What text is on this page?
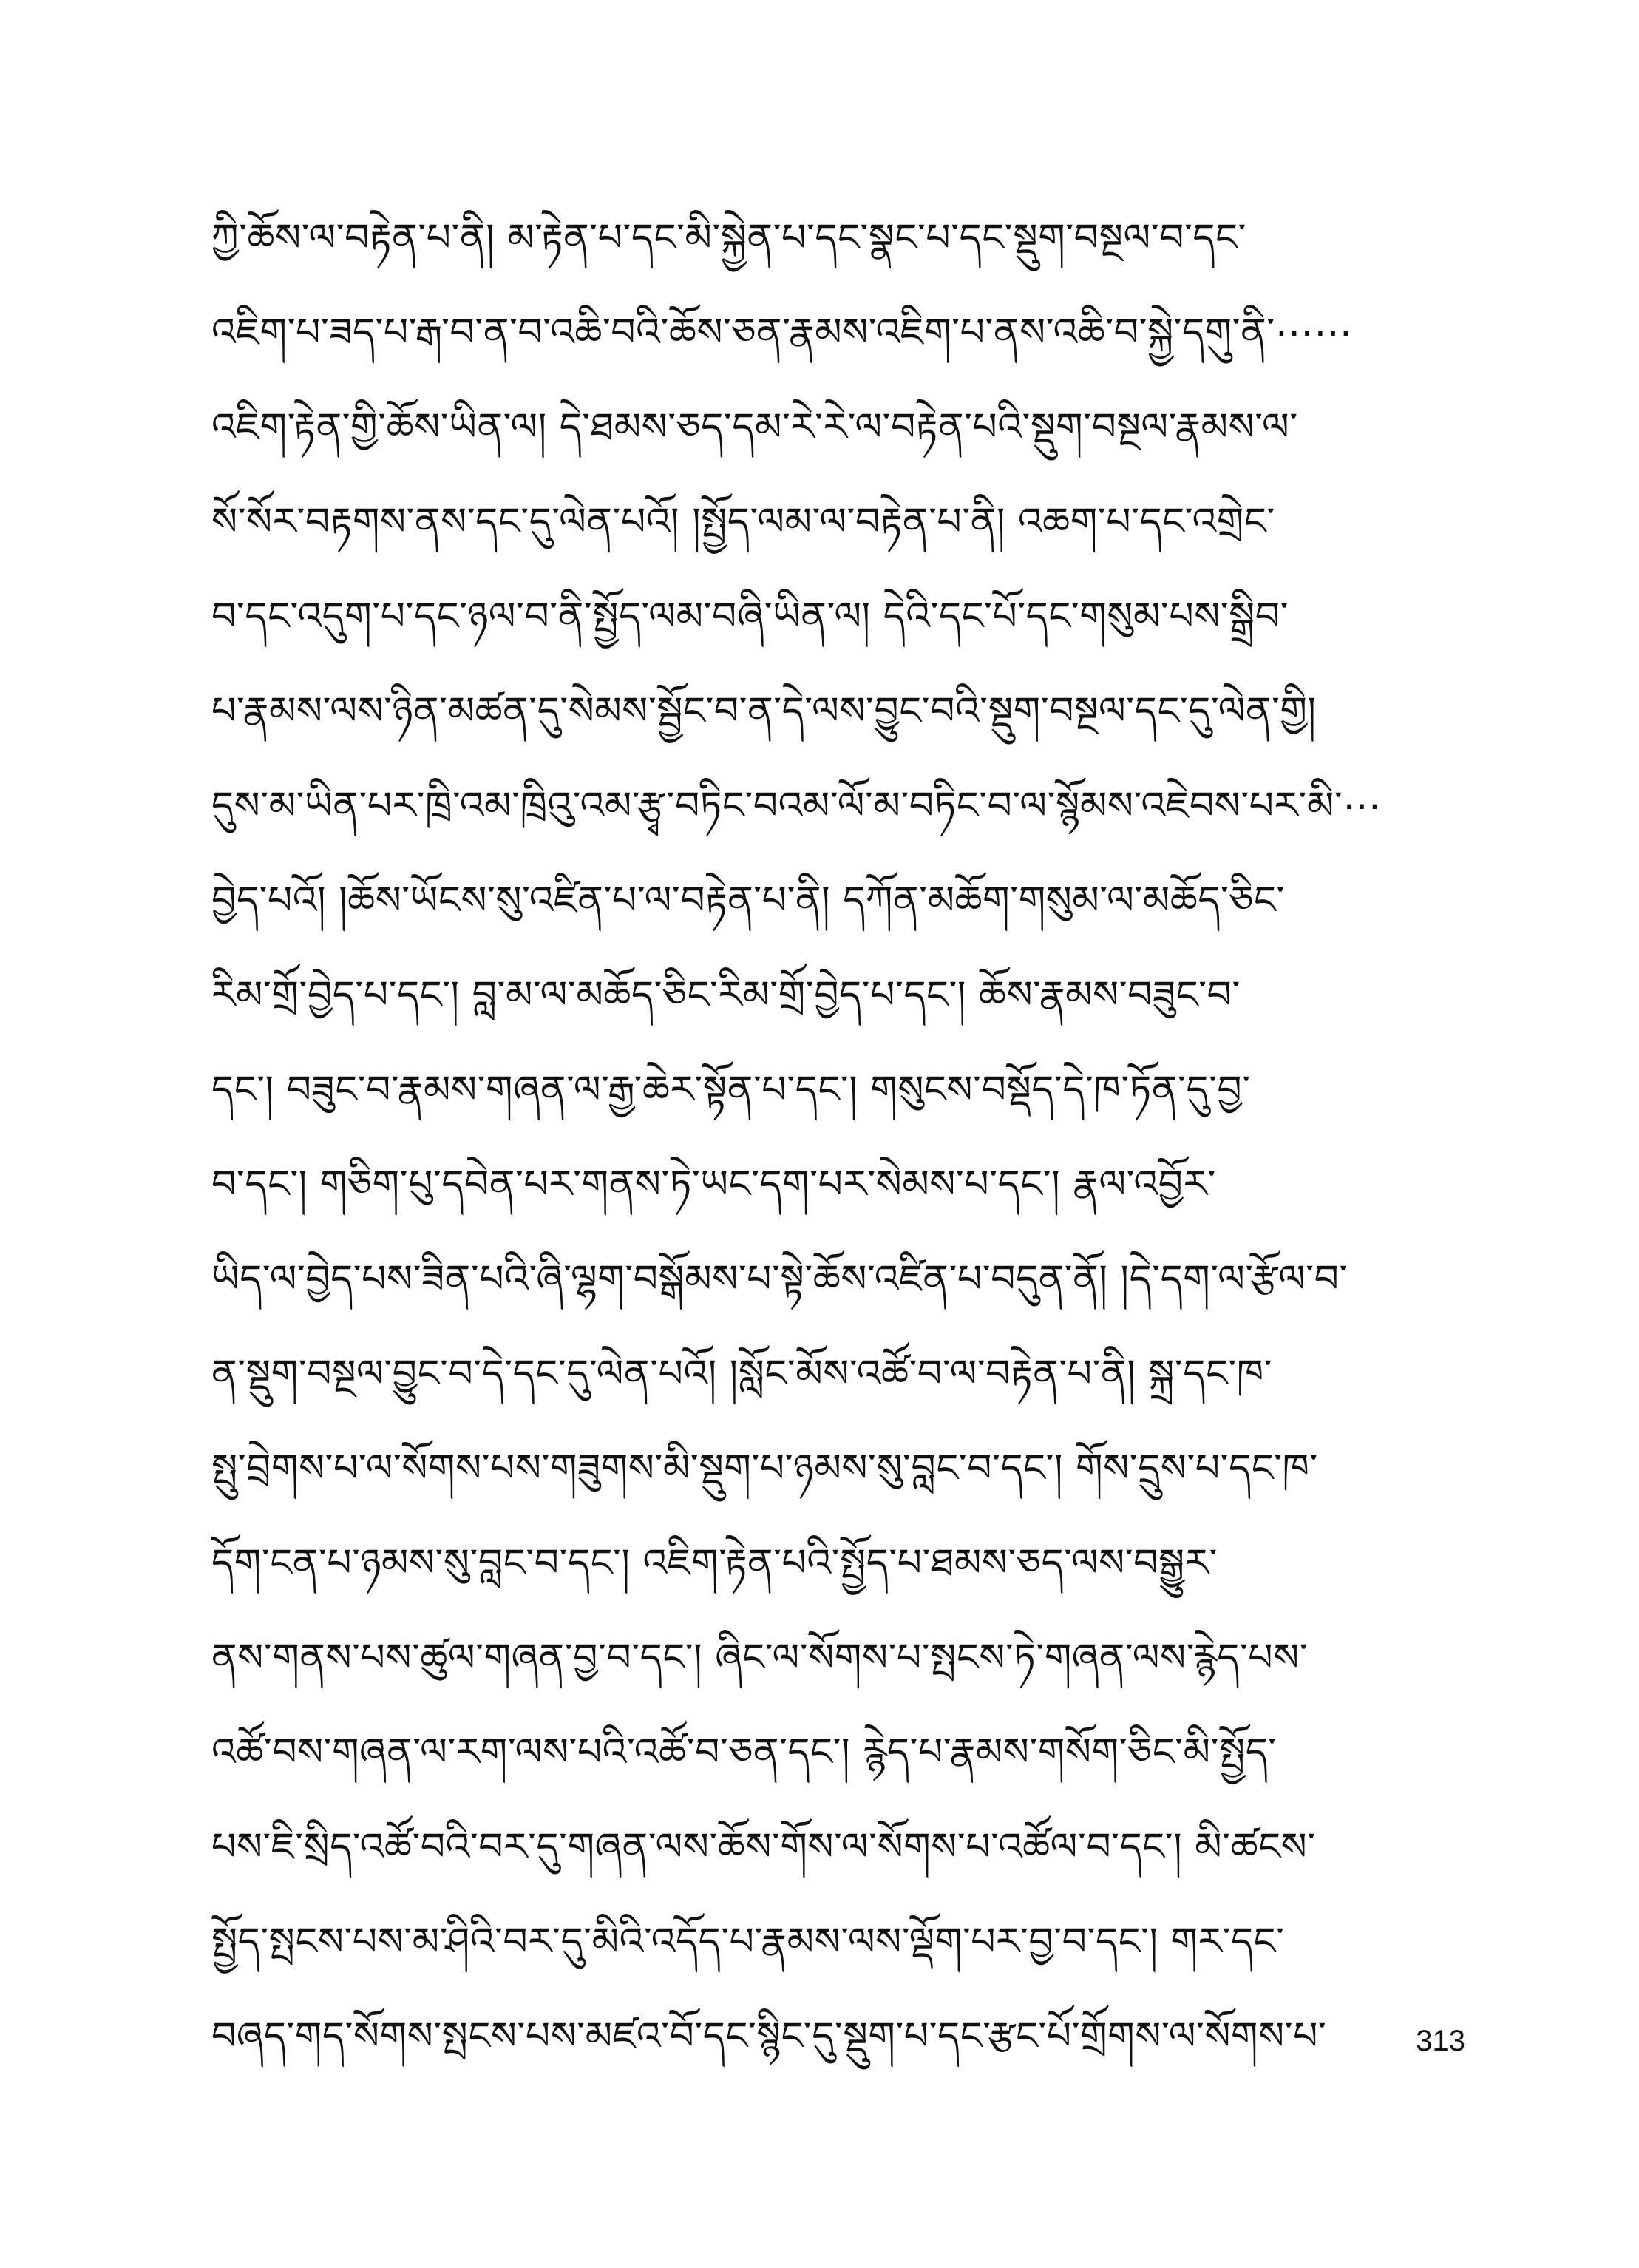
ཀྱི་ཆོས་ལ་བརྟེན་པ་ནི། མ་རྟེན་པ་དང་མི་སྐྱེན་པ་དང་སྣང་པ་དང་སྡུག་བསྔལ་བ་དང་
འཇིག་པ་ཟད་པ་རྒ་བ་ན་བ་འཆི་བའི་ཆོས་ཅན་རྣམས་འཇིག་པ་ནས་འཆི་བ་སྐྱེ་དགུ་ནི་⋯⋯
འཇིག་རྟེན་གྱི་ཆོས་ཡིན་ལ། དེ་ཐམས་ཅད་དམ་རེ་རེ་ལ་བརྟེན་པའི་སྡུག་བསྔལ་རྣམས་ལ་
སོ་སོར་བརྟགས་ནས་དང་དུ་ལེན་པའོ། །སྤྱོད་ལམ་ལ་བརྟེན་པ་ནི། འཆག་པ་དང་འགྲེང་
བ་དང་འདུག་པ་དང་ཉལ་བ་ནི་སྤྱོད་ལམ་བཞི་ཡིན་ལ། དེའི་དང་པོ་དང་གསུམ་པས་སྒྲིབ་
པ་རྣམས་ལས་ཉིན་མཚན་དུ་སེམས་སྦྱོང་བ་ན་དེ་ལས་བྱུང་བའི་སྡུག་བསྔལ་དང་དུ་ལེན་གྱི།
དུས་མ་ཡིན་པར་ཁྲི་འམ་ཁྲིའུ་འམ་རྩྭ་བཏིང་བའམ་ལོ་མ་བཏིང་བ་ལ་སྙོམས་འཇེབས་པར་མི་⋯
བྱེད་པའོ། །ཆོས་ཡོངས་སུ་འཛིན་པ་ལ་བརྟེན་པ་ནི། དཀོན་མཆོག་གསུམ་ལ་མཆོད་ཅིང་
རིམ་གྲོ་བྱེད་པ་དང་། བླ་མ་ལ་མཆོད་ཅིང་རིམ་གྲོ་བྱེད་པ་དང་། ཆོས་རྣམས་བཟུང་བ་
དང་། བཟུང་བ་རྣམས་གཞན་ལ་རྒྱ་ཆེར་སྟོན་པ་དང་། གསུངས་བསྡོད་དེ་ཁ་ཏོན་དུ་བྱ་
བ་དང་། གཅིག་པུ་དབེན་པར་གནས་ཏེ་ཡང་དག་པར་སེམས་པ་དང་། རྣལ་འབྱོར་
ཡིད་ལ་བྱེད་པས་ཟིན་པའི་ཞི་ལྷག་བསྒོམས་པ་སྟེ་ཆོས་འཛིན་པ་བདུན་ནོ། །དེ་དག་ལ་རྩོལ་བ་
ན་སྡུག་བསྔལ་བྱུང་བ་དེ་དང་དུ་ལེན་པའོ། །སློང་མོས་འཚོ་བ་ལ་བརྟེན་པ་ནི། སྐྲ་དང་ཁ་
སྤུ་བྲེགས་པ་ལ་སོགས་པས་གཟུགས་མི་སྡུག་པ་ཉམས་སུ་བླང་བ་དང་། གོས་དྲུས་པ་དང་ཁ་
དོག་ངན་པ་ཉམས་སུ་བླང་བ་དང་། འཇིག་རྟེན་པའི་སྤྱོད་པ་ཐམས་ཅད་ལས་བསྒྱུར་
ནས་གནས་པས་ཚུལ་གཞན་བྱ་བ་དང་། ཞིང་ལ་སོགས་པ་སྤངས་ཏེ་གཞན་ལས་རྙེད་པས་
འཚོ་བས་གཞན་ལ་རག་ལས་པའི་འཚོ་བ་ཅན་དང་། རྙེད་པ་རྣམས་གསོག་ཅིང་མི་སྤྱོད་
པས་ཇི་སྲིད་འཚོ་བའི་བར་དུ་གཞན་ལས་ཆོས་གོས་ལ་སོགས་པ་འཚོལ་བ་དང་། མི་ཚངས་
སྤྱོད་སྤངས་པས་མ་ཤིའི་བར་དུ་མིའི་འདོད་པ་རྣམས་ལས་ལྡོག་པར་བྱ་བ་དང་། གར་དང་
བཞད་གད་སོགས་སྤངས་པས་མཛའ་བོ་དང་སྙིང་དུ་སྡུག་པ་དང་རྩང་པོ་གྲོགས་ལ་སོགས་པ་	313
